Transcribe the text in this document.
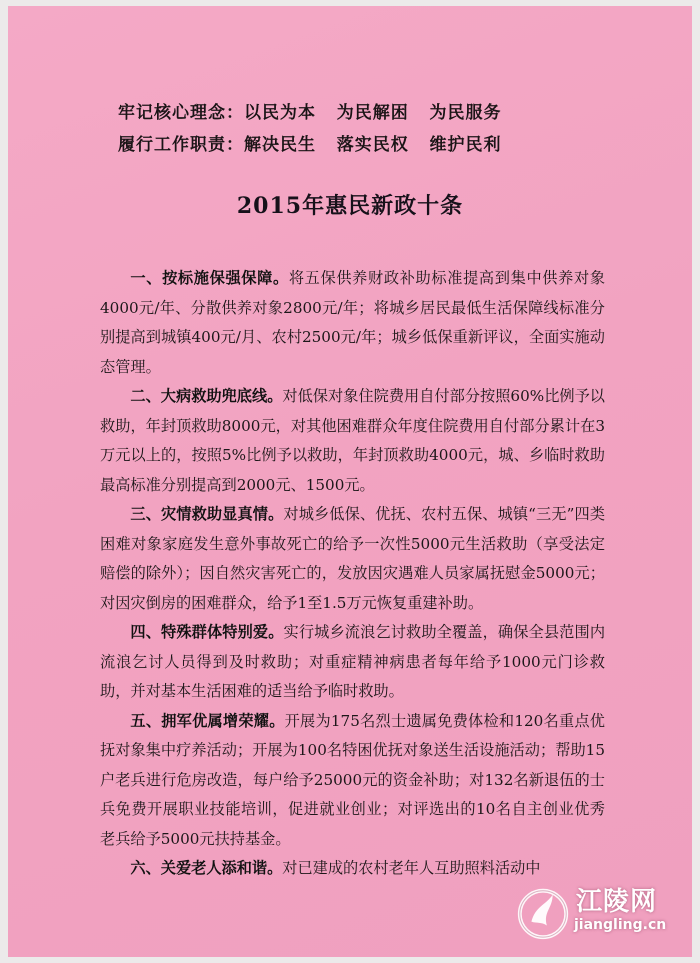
牢记核心理念：以民为本   为民解困   为民服务
履行工作职责：解决民生   落实民权   维护民利
2015年惠民新政十条

一、按标施保强保障。将五保供养财政补助标准提高到集中供养对象4000元/年、分散供养对象2800元/年；将城乡居民最低生活保障线标准分别提高到城镇400元/月、农村2500元/年；城乡低保重新评议，全面实施动态管理。

二、大病救助兜底线。对低保对象住院费用自付部分按照60%比例予以救助，年封顶救助8000元，对其他困难群众年度住院费用自付部分累计在3万元以上的，按照5%比例予以救助，年封顶救助4000元，城、乡临时救助最高标准分别提高到2000元、1500元。

三、灾情救助显真情。对城乡低保、优抚、农村五保、城镇“三无”四类困难对象家庭发生意外事故死亡的给予一次性5000元生活救助（享受法定赔偿的除外）；因自然灾害死亡的，发放因灾遇难人员家属抚慰金5000元；对因灾倒房的困难群众，给予1至1.5万元恢复重建补助。

四、特殊群体特别爱。实行城乡流浪乞讨救助全覆盖，确保全县范围内流浪乞讨人员得到及时救助；对重症精神病患者每年给予1000元门诊救助，并对基本生活困难的适当给予临时救助。

五、拥军优属增荣耀。开展为175名烈士遗属免费体检和120名重点优抚对象集中疗养活动；开展为100名特困优抚对象送生活设施活动；帮助15户老兵进行危房改造，每户给予25000元的资金补助；对132名新退伍的士兵免费开展职业技能培训，促进就业创业；对评选出的10名自主创业优秀老兵给予5000元扶持基金。

六、关爱老人添和谐。对已建成的农村老年人互助照料活动中

江陵网
jiangling.cn
